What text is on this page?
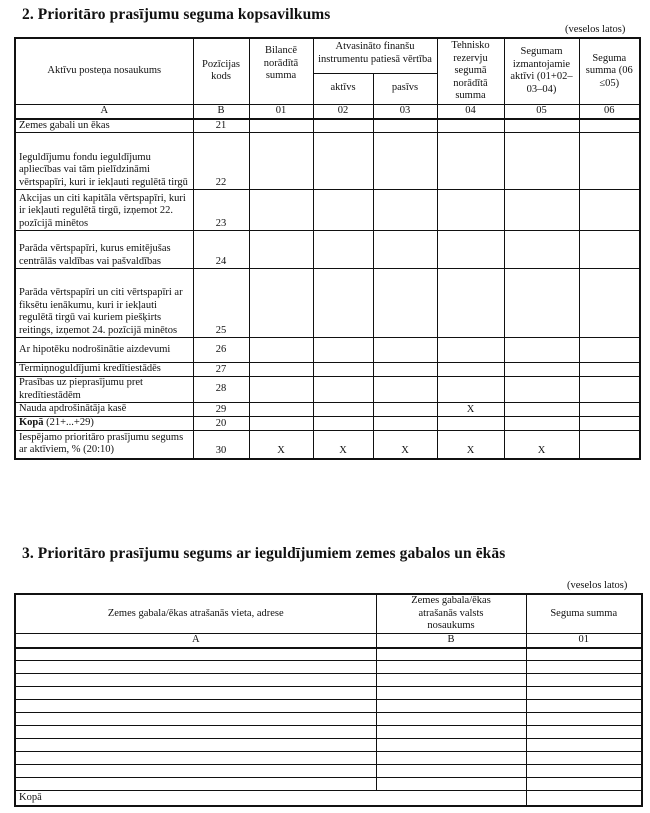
2. Prioritāro prasījumu seguma kopsavilkums
(veselos latos)
Aktīvu posteņa nosaukums	Pozīcijas kods	Bilancē norādītā summa	Atvasināto finanšu instrumentu patiesā vērtība		Tehnisko rezervju segumā norādītā summa	Segumam izmantojamie aktīvi (01+02–03–04)	Seguma summa (06 ≤05)
			aktīvs	pasīvs			
A	B	01	02	03	04	05	06
Zemes gabali un ēkas	21						
Ieguldījumu fondu ieguldījumu apliecības vai tām pielīdzināmi vērtspapīri, kuri ir iekļauti regulētā tirgū	22						
Akcijas un citi kapitāla vērtspapīri, kuri ir iekļauti regulētā tirgū, izņemot 22. pozīcijā minētos	23						
Parāda vērtspapīri, kurus emitējušas centrālās valdības vai pašvaldības	24						
Parāda vērtspapīri un citi vērtspapīri ar fiksētu ienākumu, kuri ir iekļauti regulētā tirgū vai kuriem piešķirts reitings, izņemot 24. pozīcijā minētos	25						
Ar hipotēku nodrošinātie aizdevumi	26						
Termiņnoguldījumi kredītiestādēs	27						
Prasības uz pieprasījumu pret kredītiestādēm	28						
Nauda apdrošinātāja kasē	29				X		
Kopā (21+...+29)	20						
Iespējamo prioritāro prasījumu segums ar aktīviem, % (20:10)	30	X	X	X	X	X	
3. Prioritāro prasījumu segums ar ieguldījumiem zemes gabalos un ēkās
(veselos latos)
Zemes gabala/ēkas atrašanās vieta, adrese	Zemes gabala/ēkas atrašanās valsts nosaukums	Seguma summa
A	B	01

Kopā		
